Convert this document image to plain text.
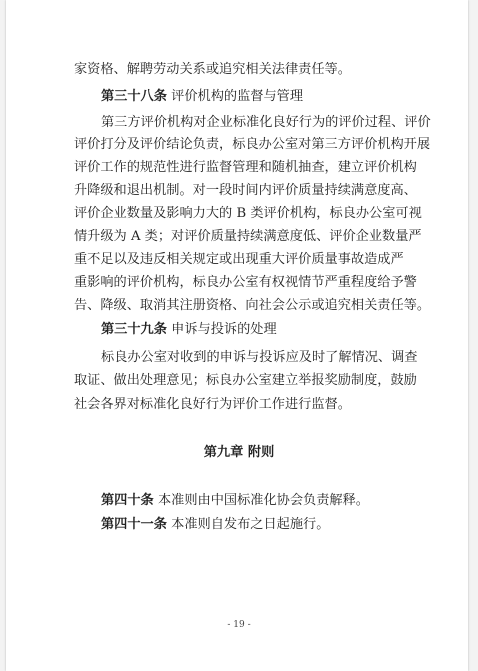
家资格、解聘劳动关系或追究相关法律责任等。
第三十八条 评价机构的监督与管理
第三方评价机构对企业标准化良好行为的评价过程、评价
评价打分及评价结论负责，标良办公室对第三方评价机构开展
评价工作的规范性进行监督管理和随机抽查，建立评价机构
升降级和退出机制。对一段时间内评价质量持续满意度高、
评价企业数量及影响力大的 B 类评价机构，标良办公室可视
情升级为 A 类；对评价质量持续满意度低、评价企业数量严
重不足以及违反相关规定或出现重大评价质量事故造成严
重影响的评价机构，标良办公室有权视情节严重程度给予警
告、降级、取消其注册资格、向社会公示或追究相关责任等。
第三十九条 申诉与投诉的处理
标良办公室对收到的申诉与投诉应及时了解情况、调查
取证、做出处理意见；标良办公室建立举报奖励制度，鼓励
社会各界对标准化良好行为评价工作进行监督。
第九章 附则
第四十条 本准则由中国标准化协会负责解释。
第四十一条 本准则自发布之日起施行。
- 19 -
